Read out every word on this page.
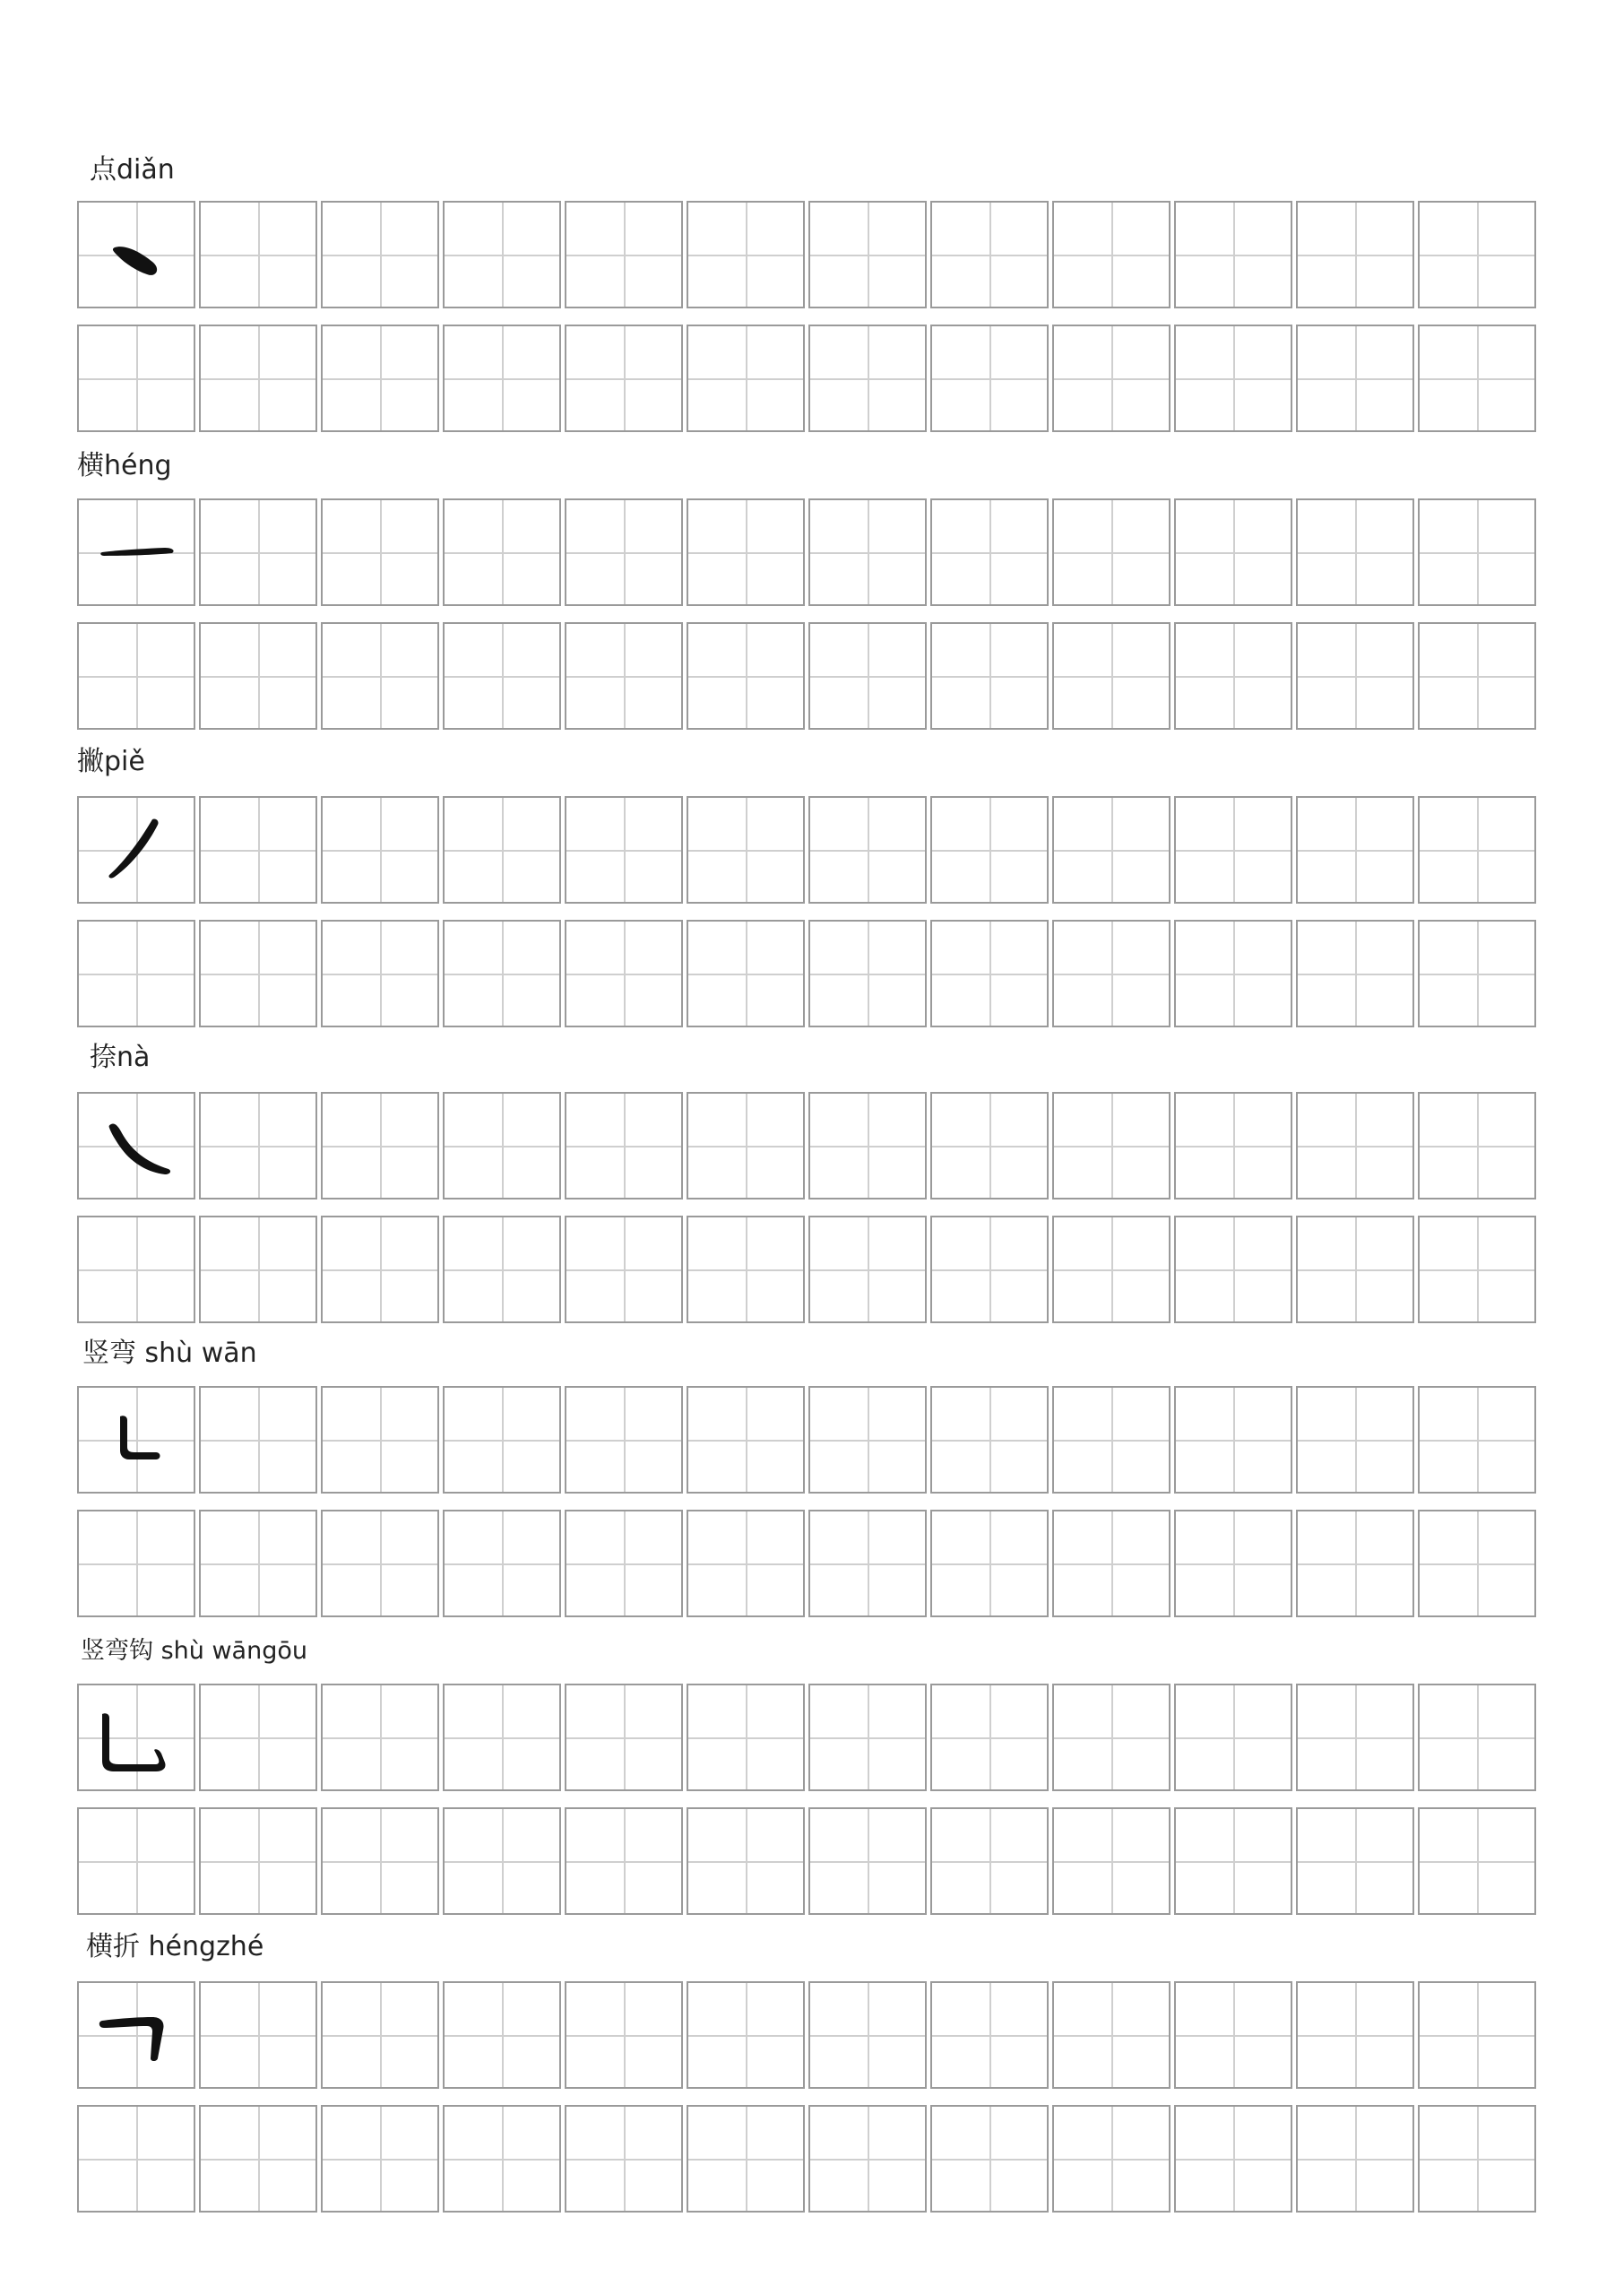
点diǎn
横héng
撇piě
捺nà
竖弯 shù wān
竖弯钩 shù wāngōu
横折 héngzhé
